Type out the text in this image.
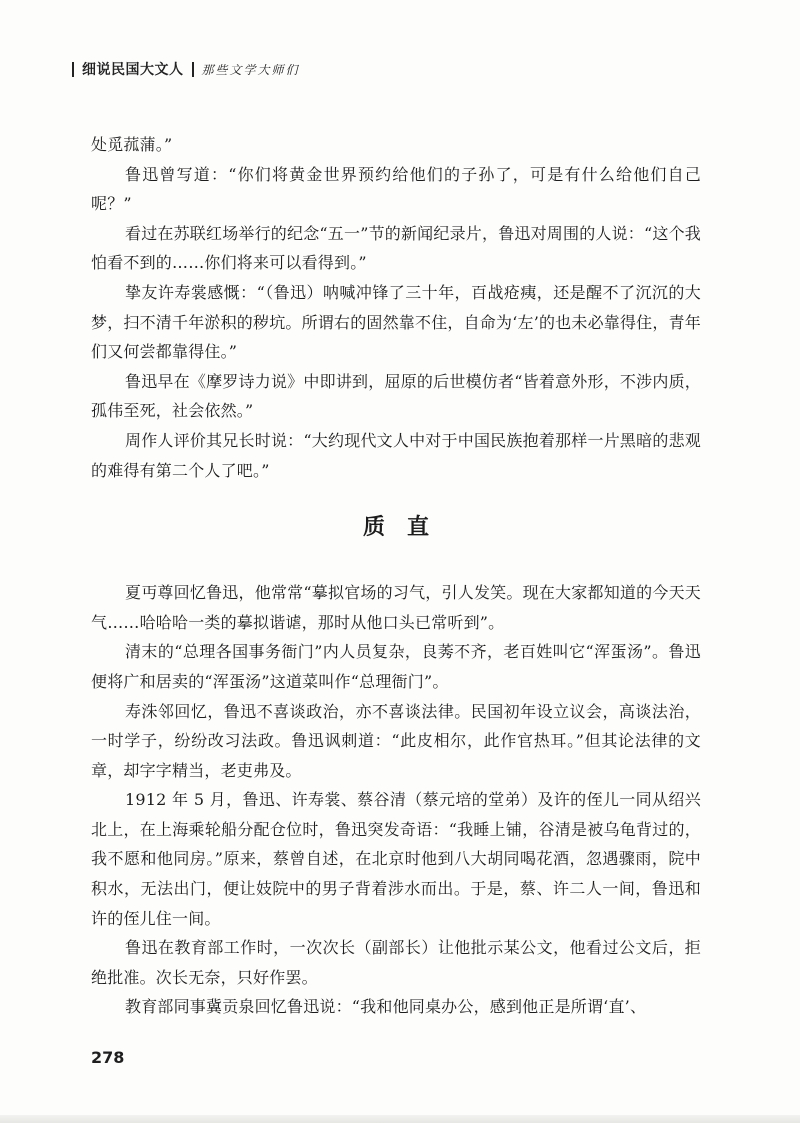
细说民国大文人 那些文学大师们

处觅菰蒲。”

鲁迅曾写道：“你们将黄金世界预约给他们的子孙了，可是有什么给他们自己呢？”

看过在苏联红场举行的纪念“五一”节的新闻纪录片，鲁迅对周围的人说：“这个我怕看不到的……你们将来可以看得到。”

挚友许寿裳感慨：“（鲁迅）呐喊冲锋了三十年，百战疮痍，还是醒不了沉沉的大梦，扫不清千年淤积的秽坑。所谓右的固然靠不住，自命为‘左’的也未必靠得住，青年们又何尝都靠得住。”

鲁迅早在《摩罗诗力说》中即讲到，屈原的后世模仿者“皆着意外形，不涉内质，孤伟至死，社会依然。”

周作人评价其兄长时说：“大约现代文人中对于中国民族抱着那样一片黑暗的悲观的难得有第二个人了吧。”

质直

夏丏尊回忆鲁迅，他常常“摹拟官场的习气，引人发笑。现在大家都知道的今天天气……哈哈哈一类的摹拟谐谑，那时从他口头已常听到”。

清末的“总理各国事务衙门”内人员复杂，良莠不齐，老百姓叫它“浑蛋汤”。鲁迅便将广和居卖的“浑蛋汤”这道菜叫作“总理衙门”。

寿洙邻回忆，鲁迅不喜谈政治，亦不喜谈法律。民国初年设立议会，高谈法治，一时学子，纷纷改习法政。鲁迅讽刺道：“此皮相尔，此作官热耳。”但其论法律的文章，却字字精当，老吏弗及。

1912 年 5 月，鲁迅、许寿裳、蔡谷清（蔡元培的堂弟）及许的侄儿一同从绍兴北上，在上海乘轮船分配仓位时，鲁迅突发奇语：“我睡上铺，谷清是被乌龟背过的，我不愿和他同房。”原来，蔡曾自述，在北京时他到八大胡同喝花酒，忽遇骤雨，院中积水，无法出门，便让妓院中的男子背着涉水而出。于是，蔡、许二人一间，鲁迅和许的侄儿住一间。

鲁迅在教育部工作时，一次次长（副部长）让他批示某公文，他看过公文后，拒绝批准。次长无奈，只好作罢。

教育部同事冀贡泉回忆鲁迅说：“我和他同桌办公，感到他正是所谓‘直’、

278
